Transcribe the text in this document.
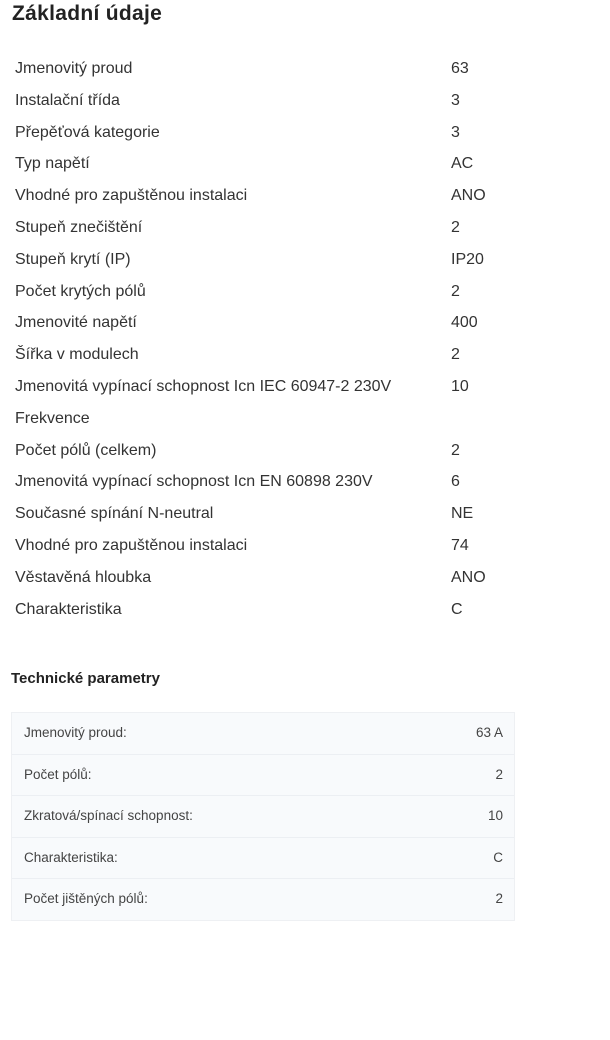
Základní údaje
Jmenovitý proud	63
Instalační třída	3
Přepěťová kategorie	3
Typ napětí	AC
Vhodné pro zapuštěnou instalaci	ANO
Stupeň znečištění	2
Stupeň krytí (IP)	IP20
Počet krytých pólů	2
Jmenovité napětí	400
Šířka v modulech	2
Jmenovitá vypínací schopnost Icn IEC 60947-2 230V	10
Frekvence
Počet pólů (celkem)	2
Jmenovitá vypínací schopnost Icn EN 60898 230V	6
Současné spínání N-neutral	NE
Vhodné pro zapuštěnou instalaci	74
Věstavěná hloubka	ANO
Charakteristika	C
Technické parametry
Jmenovitý proud:	63 A
Počet pólů:	2
Zkratová/spínací schopnost:	10
Charakteristika:	C
Počet jištěných pólů:	2
